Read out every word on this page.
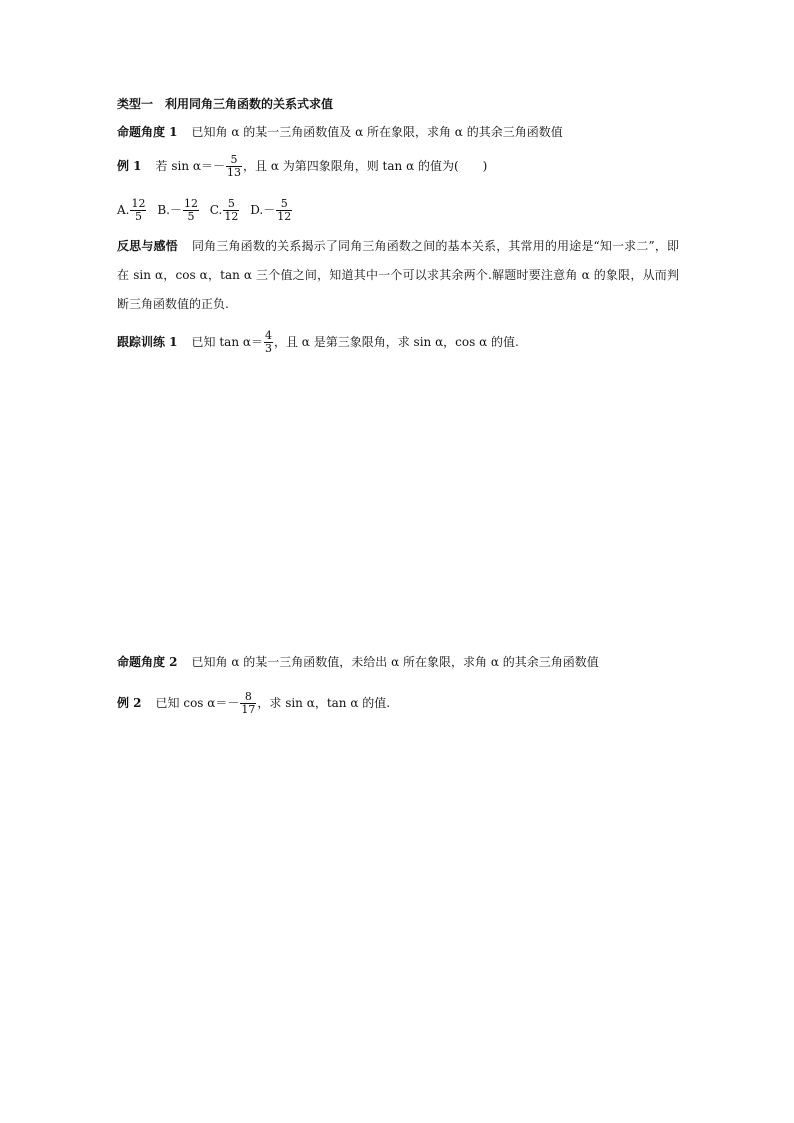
类型一　利用同角三角函数的关系式求值
命题角度 1 已知角 α 的某一三角函数值及 α 所在象限，求角 α 的其余三角函数值
例 1 若 $\sin \alpha=- \frac{5}{13}$ ，且 α 为第四象限角，则 tan α 的值为(　　)
A. $\frac{12}{5} B.- \frac{12}{5} C$. $\frac{5}{12} D.- \frac{5}{12}$
反思与感悟 同角三角函数的关系揭示了同角三角函数之间的基本关系，其常用的用途是“知一求二”，即在 sin α，cos α，tan α 三个值之间，知道其中一个可以求其余两个.解题时要注意角 α 的象限，从而判断三角函数值的正负.
跟踪训练 1 已知 $\tan \alpha= \frac{4}{3}$ ，且 α 是第三象限角，求 sin α，cos α 的值.
命题角度 2 已知角 α 的某一三角函数值，未给出 α 所在象限，求角 α 的其余三角函数值
例 2 已知 $\cos \alpha=- \frac{8}{17}$ ，求 sin α，tan α 的值.
